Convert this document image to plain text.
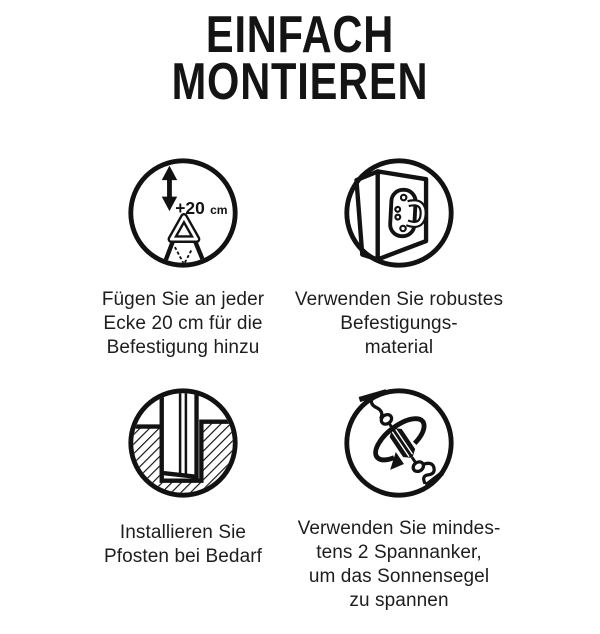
EINFACH
MONTIEREN
+20 cm

Fügen Sie an jeder
Ecke 20 cm für die
Befestigung hinzu

Verwenden Sie robustes
Befestigungs-
material

Installieren Sie
Pfosten bei Bedarf

Verwenden Sie mindes-
tens 2 Spannanker,
um das Sonnensegel
zu spannen
